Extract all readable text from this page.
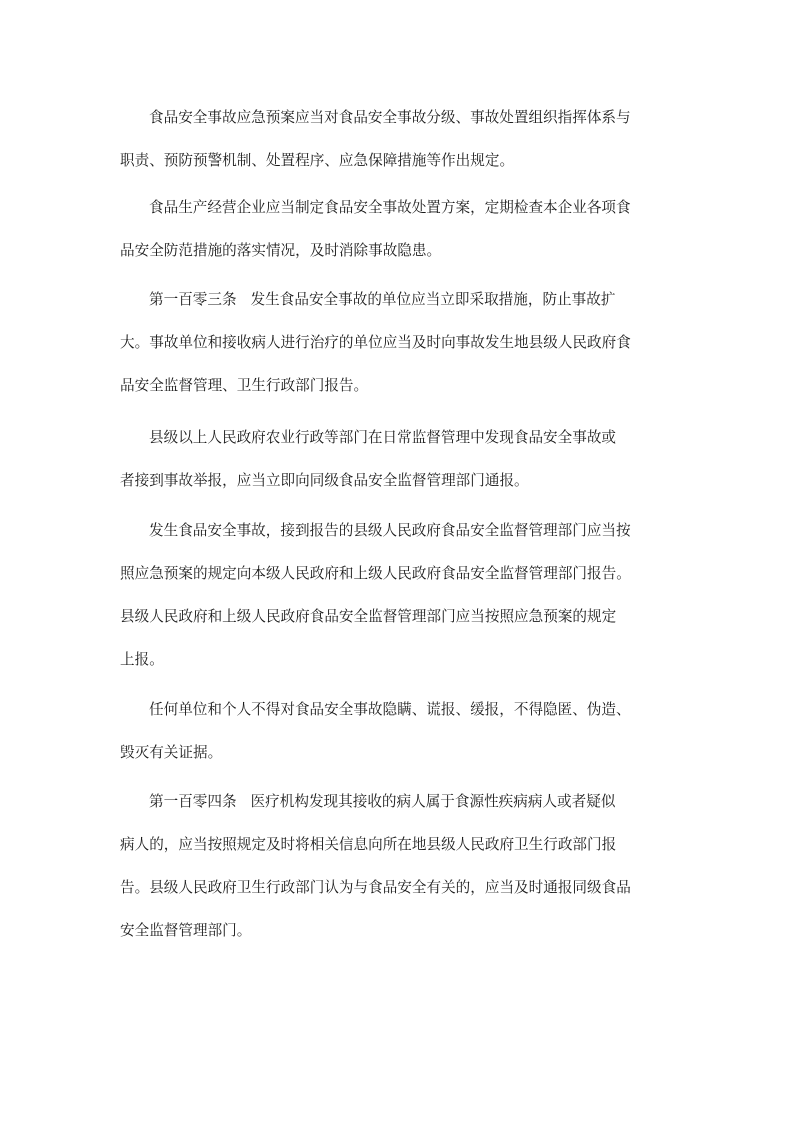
食品安全事故应急预案应当对食品安全事故分级、事故处置组织指挥体系与
职责、预防预警机制、处置程序、应急保障措施等作出规定。
食品生产经营企业应当制定食品安全事故处置方案，定期检查本企业各项食
品安全防范措施的落实情况，及时消除事故隐患。
第一百零三条 发生食品安全事故的单位应当立即采取措施，防止事故扩
大。事故单位和接收病人进行治疗的单位应当及时向事故发生地县级人民政府食
品安全监督管理、卫生行政部门报告。
县级以上人民政府农业行政等部门在日常监督管理中发现食品安全事故或
者接到事故举报，应当立即向同级食品安全监督管理部门通报。
发生食品安全事故，接到报告的县级人民政府食品安全监督管理部门应当按
照应急预案的规定向本级人民政府和上级人民政府食品安全监督管理部门报告。
县级人民政府和上级人民政府食品安全监督管理部门应当按照应急预案的规定
上报。
任何单位和个人不得对食品安全事故隐瞒、谎报、缓报，不得隐匿、伪造、
毁灭有关证据。
第一百零四条 医疗机构发现其接收的病人属于食源性疾病病人或者疑似
病人的，应当按照规定及时将相关信息向所在地县级人民政府卫生行政部门报
告。县级人民政府卫生行政部门认为与食品安全有关的，应当及时通报同级食品
安全监督管理部门。
